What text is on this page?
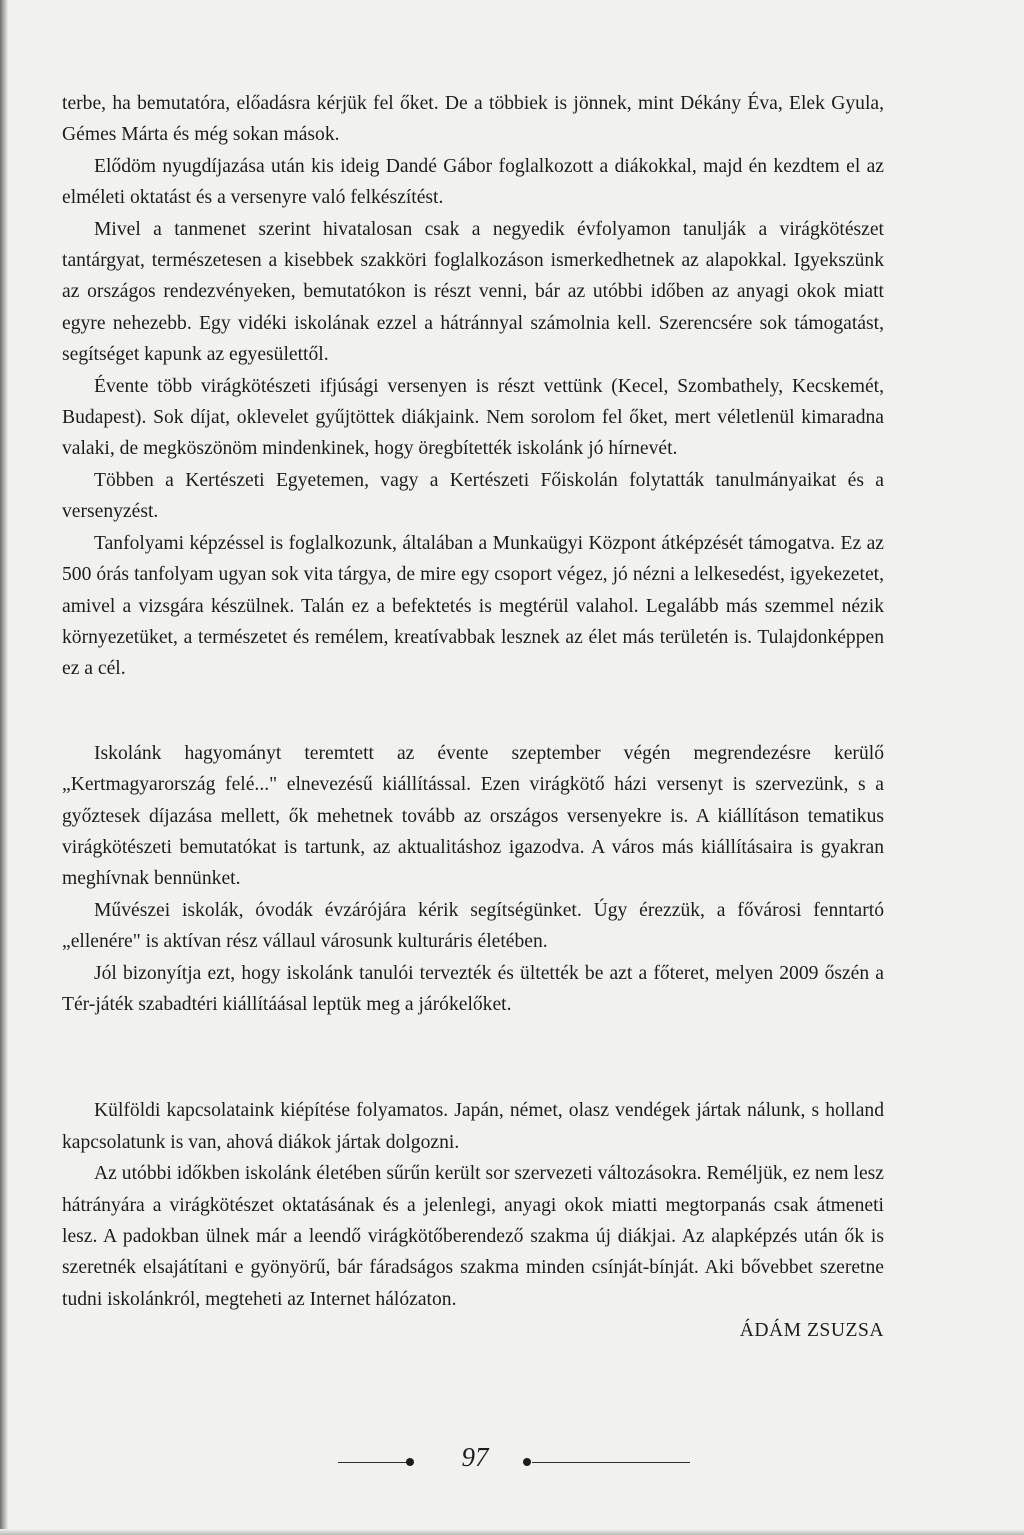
terbe, ha bemutatóra, előadásra kérjük fel őket. De a többiek is jönnek, mint Dékány Éva, Elek Gyula, Gémes Márta és még sokan mások.

Elődöm nyugdíjazása után kis ideig Dandé Gábor foglalkozott a diákokkal, majd én kezdtem el az elméleti oktatást és a versenyre való felkészítést.

Mivel a tanmenet szerint hivatalosan csak a negyedik évfolyamon tanulják a virágkötészet tantárgyat, természetesen a kisebbek szakköri foglalkozáson ismerkedhetnek az alapokkal. Igyekszünk az országos rendezvényeken, bemutatókon is részt venni, bár az utóbbi időben az anyagi okok miatt egyre nehezebb. Egy vidéki iskolának ezzel a hátránnyal számolnia kell. Szerencsére sok támogatást, segítséget kapunk az egyesülettől.

Évente több virágkötészeti ifjúsági versenyen is részt vettünk (Kecel, Szombathely, Kecskemét, Budapest). Sok díjat, oklevelet gyűjtöttek diákjaink. Nem sorolom fel őket, mert véletlenül kimaradna valaki, de megköszönöm mindenkinek, hogy öregbítették iskolánk jó hírnevét.

Többen a Kertészeti Egyetemen, vagy a Kertészeti Főiskolán folytatták tanulmányaikat és a versenyzést.

Tanfolyami képzéssel is foglalkozunk, általában a Munkaügyi Központ átképzését támogatva. Ez az 500 órás tanfolyam ugyan sok vita tárgya, de mire egy csoport végez, jó nézni a lelkesedést, igyekezetet, amivel a vizsgára készülnek. Talán ez a befektetés is megtérül valahol. Legalább más szemmel nézik környezetüket, a természetet és remélem, kreatívabbak lesznek az élet más területén is. Tulajdonképpen ez a cél.

Iskolánk hagyományt teremtett az évente szeptember végén megrendezésre kerülő „Kertmagyarország felé..." elnevezésű kiállítással. Ezen virágkötő házi versenyt is szervezünk, s a győztesek díjazása mellett, ők mehetnek tovább az országos versenyekre is. A kiállításon tematikus virágkötészeti bemutatókat is tartunk, az aktualitáshoz igazodva. A város más kiállításaira is gyakran meghívnak bennünket.

Művészei iskolák, óvodák évzárójára kérik segítségünket. Úgy érezzük, a fővárosi fenntartó „ellenére" is aktívan rész vállaul városunk kulturáris életében.

Jól bizonyítja ezt, hogy iskolánk tanulói tervezték és ültették be azt a főteret, melyen 2009 őszén a Tér-játék szabadtéri kiállítáásal leptük meg a járókelőket.

Külföldi kapcsolataink kiépítése folyamatos. Japán, német, olasz vendégek jártak nálunk, s holland kapcsolatunk is van, ahová diákok jártak dolgozni.

Az utóbbi időkben iskolánk életében sűrűn került sor szervezeti változásokra. Reméljük, ez nem lesz hátrányára a virágkötészet oktatásának és a jelenlegi, anyagi okok miatti megtorpanás csak átmeneti lesz. A padokban ülnek már a leendő virágkötőberendező szakma új diákjai. Az alapképzés után ők is szeretnék elsajátítani e gyönyörű, bár fáradságos szakma minden csínját-bínját. Aki bővebbet szeretne tudni iskolánkról, megteheti az Internet hálózaton.

ÁDÁM ZSUZSA

97
